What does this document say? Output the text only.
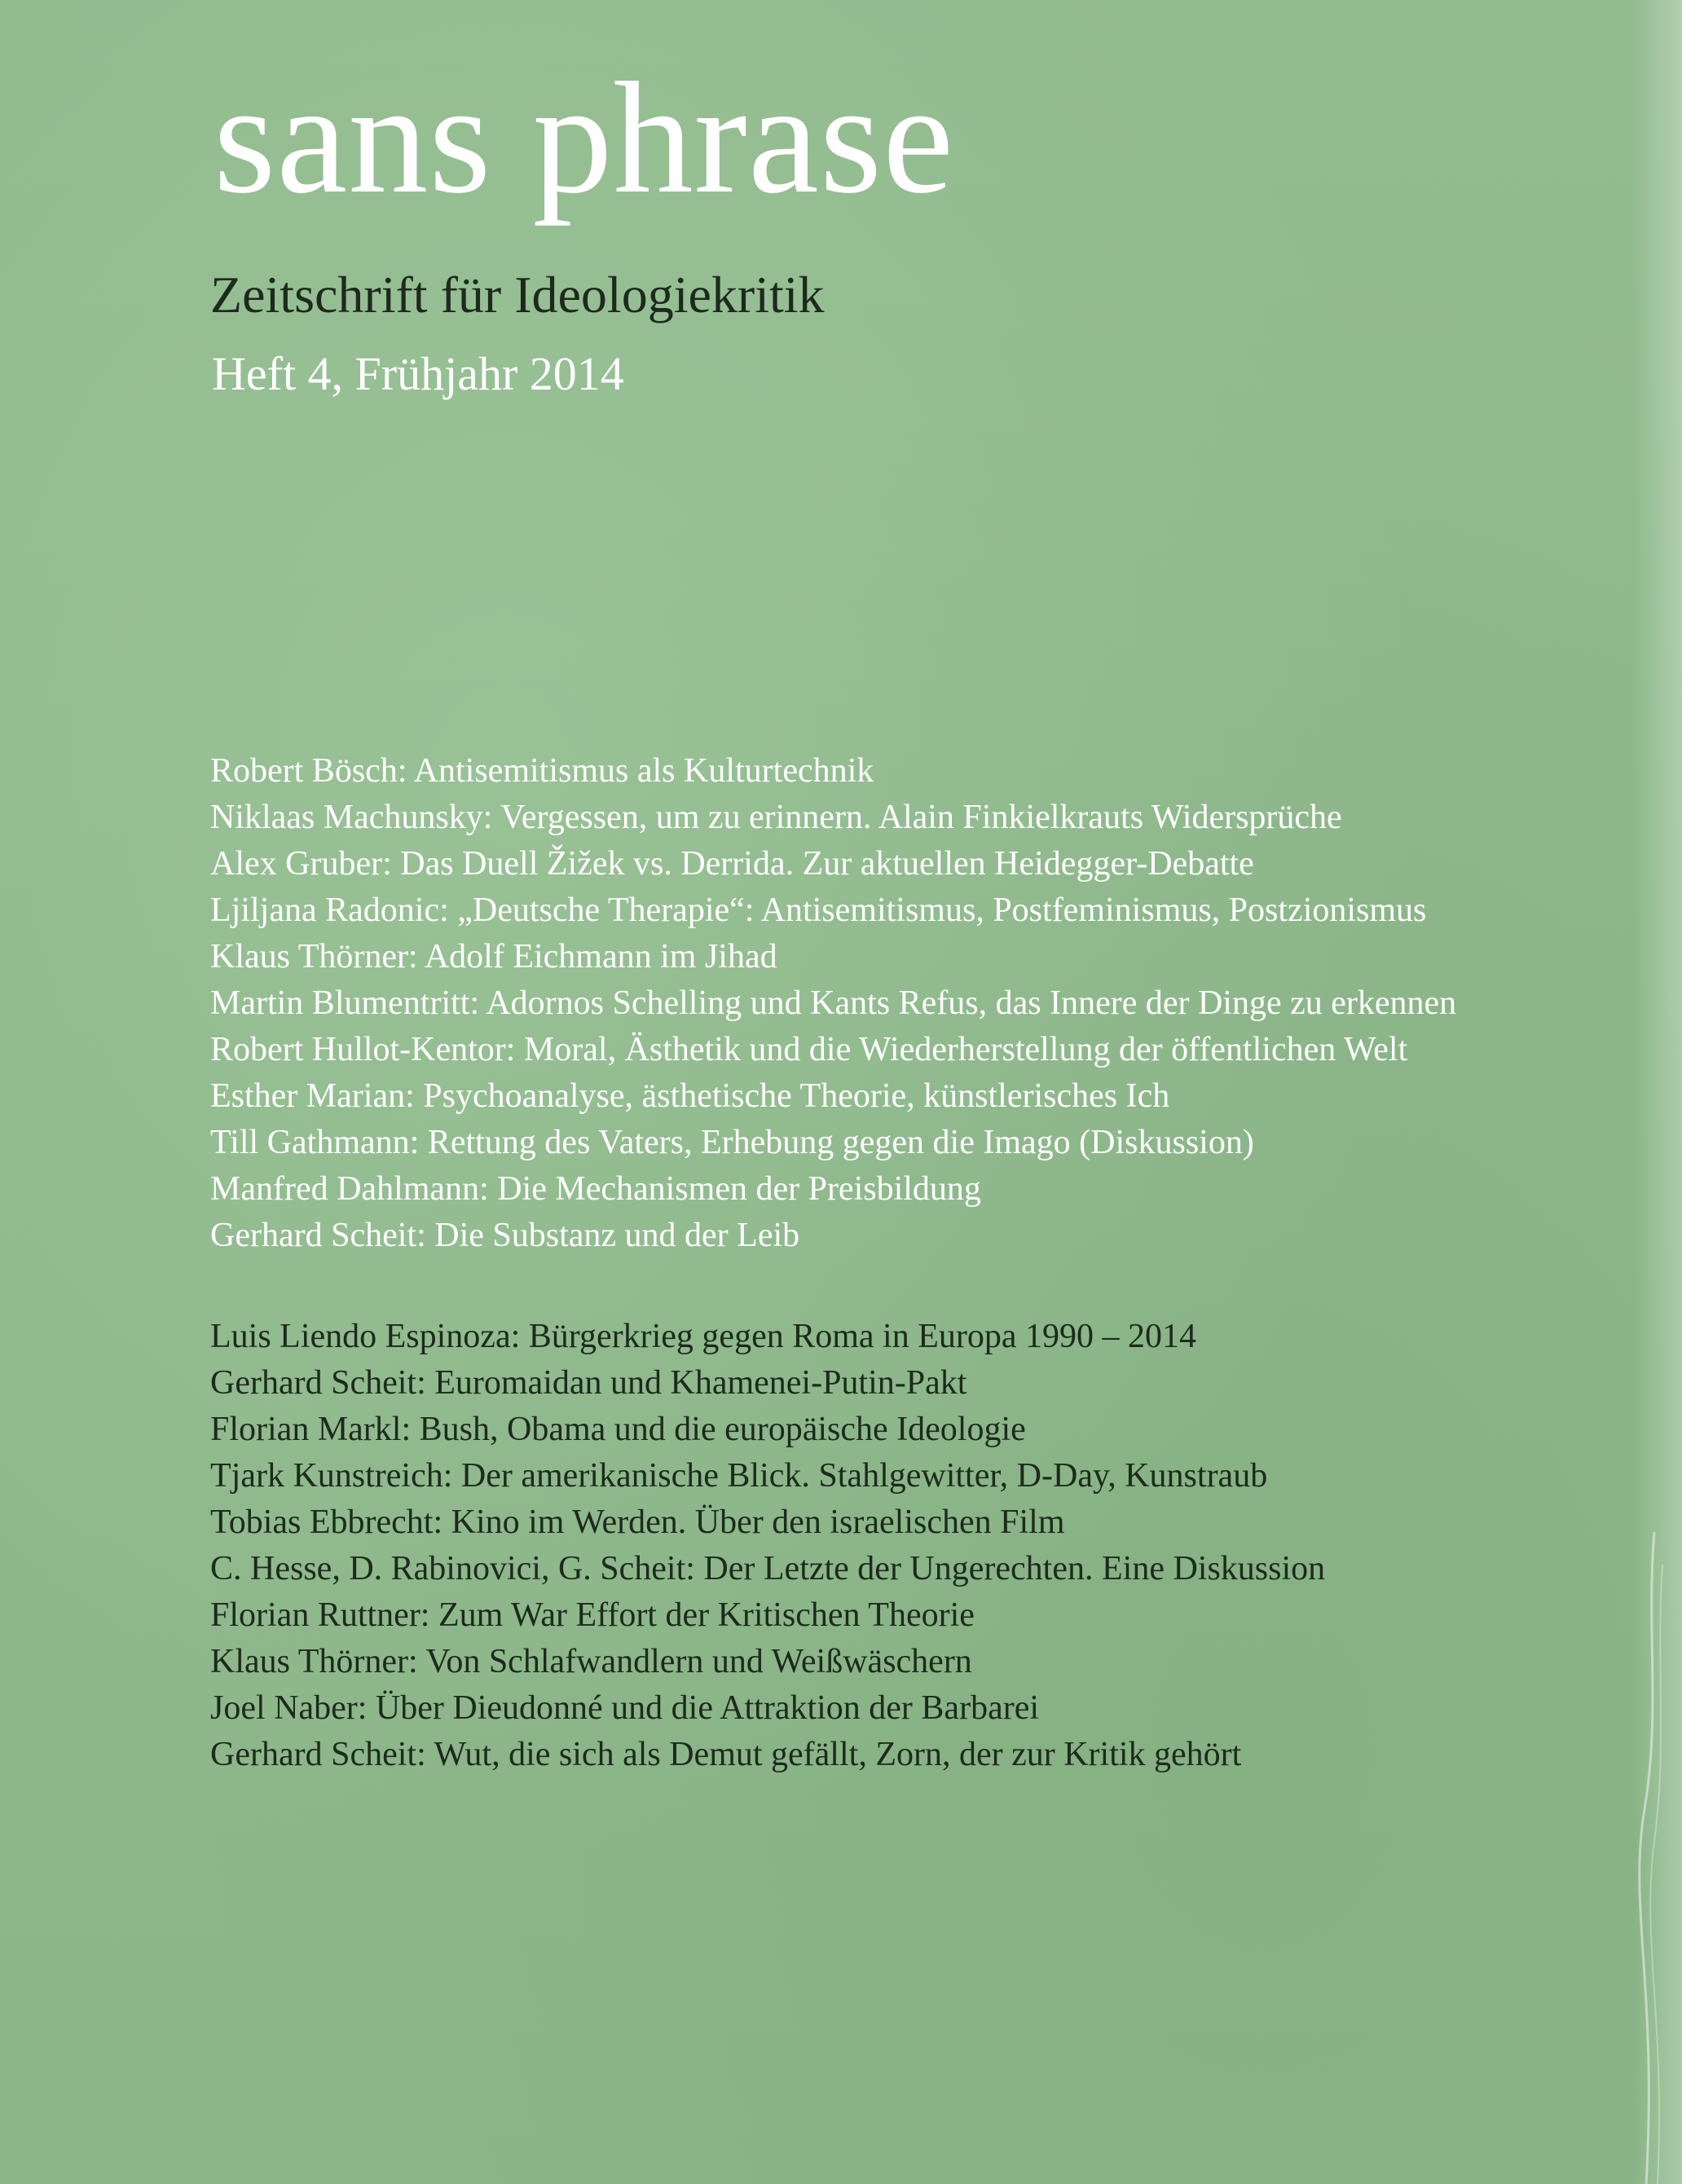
sans phrase
Zeitschrift für Ideologiekritik
Heft 4, Frühjahr 2014
Robert Bösch: Antisemitismus als Kulturtechnik
Niklaas Machunsky: Vergessen, um zu erinnern. Alain Finkielkrauts Widersprüche
Alex Gruber: Das Duell Žižek vs. Derrida. Zur aktuellen Heidegger-Debatte
Ljiljana Radonic: „Deutsche Therapie“: Antisemitismus, Postfeminismus, Postzionismus
Klaus Thörner: Adolf Eichmann im Jihad
Martin Blumentritt: Adornos Schelling und Kants Refus, das Innere der Dinge zu erkennen
Robert Hullot-Kentor: Moral, Ästhetik und die Wiederherstellung der öffentlichen Welt
Esther Marian: Psychoanalyse, ästhetische Theorie, künstlerisches Ich
Till Gathmann: Rettung des Vaters, Erhebung gegen die Imago (Diskussion)
Manfred Dahlmann: Die Mechanismen der Preisbildung
Gerhard Scheit: Die Substanz und der Leib
Luis Liendo Espinoza: Bürgerkrieg gegen Roma in Europa 1990 – 2014
Gerhard Scheit: Euromaidan und Khamenei-Putin-Pakt
Florian Markl: Bush, Obama und die europäische Ideologie
Tjark Kunstreich: Der amerikanische Blick. Stahlgewitter, D-Day, Kunstraub
Tobias Ebbrecht: Kino im Werden. Über den israelischen Film
C. Hesse, D. Rabinovici, G. Scheit: Der Letzte der Ungerechten. Eine Diskussion
Florian Ruttner: Zum War Effort der Kritischen Theorie
Klaus Thörner: Von Schlafwandlern und Weißwäschern
Joel Naber: Über Dieudonné und die Attraktion der Barbarei
Gerhard Scheit: Wut, die sich als Demut gefällt, Zorn, der zur Kritik gehört
